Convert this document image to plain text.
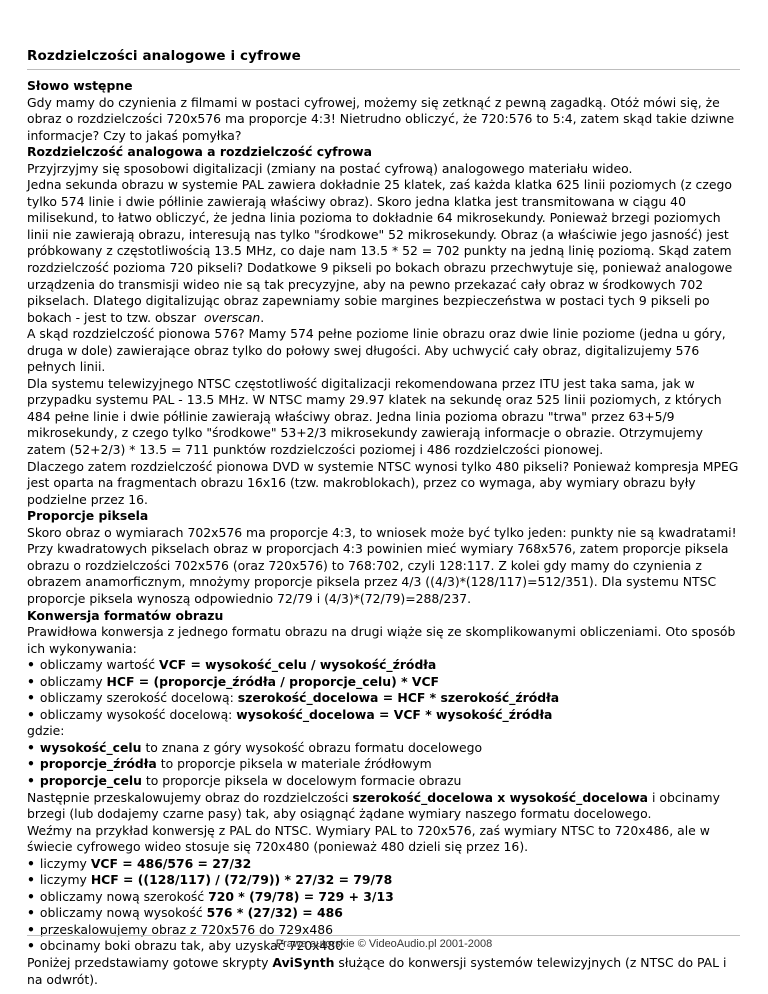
Rozdzielczości analogowe i cyfrowe
Słowo wstępne

Gdy mamy do czynienia z filmami w postaci cyfrowej, możemy się zetknąć z pewną zagadką. Otóż mówi się, że obraz o rozdzielczości 720x576 ma proporcje 4:3! Nietrudno obliczyć, że 720:576 to 5:4, zatem skąd takie dziwne informacje? Czy to jakaś pomyłka?

Rozdzielczość analogowa a rozdzielczość cyfrowa

Przyjrzyjmy się sposobowi digitalizacji (zmiany na postać cyfrową) analogowego materiału wideo.

Jedna sekunda obrazu w systemie PAL zawiera dokładnie 25 klatek, zaś każda klatka 625 linii poziomych (z czego tylko 574 linie i dwie półlinie zawierają właściwy obraz). Skoro jedna klatka jest transmitowana w ciągu 40 milisekund, to łatwo obliczyć, że jedna linia pozioma to dokładnie 64 mikrosekundy. Ponieważ brzegi poziomych linii nie zawierają obrazu, interesują nas tylko "środkowe" 52 mikrosekundy. Obraz (a właściwie jego jasność) jest próbkowany z częstotliwością 13.5 MHz, co daje nam 13.5 * 52 = 702 punkty na jedną linię poziomą. Skąd zatem rozdzielczość pozioma 720 pikseli? Dodatkowe 9 pikseli po bokach obrazu przechwytuje się, ponieważ analogowe urządzenia do transmisji wideo nie są tak precyzyjne, aby na pewno przekazać cały obraz w środkowych 702 pikselach. Dlatego digitalizując obraz zapewniamy sobie margines bezpieczeństwa w postaci tych 9 pikseli po bokach - jest to tzw. obszar overscan.

A skąd rozdzielczość pionowa 576? Mamy 574 pełne poziome linie obrazu oraz dwie linie poziome (jedna u góry, druga w dole) zawierające obraz tylko do połowy swej długości. Aby uchwycić cały obraz, digitalizujemy 576 pełnych linii.

Dla systemu telewizyjnego NTSC częstotliwość digitalizacji rekomendowana przez ITU jest taka sama, jak w przypadku systemu PAL - 13.5 MHz. W NTSC mamy 29.97 klatek na sekundę oraz 525 linii poziomych, z których 484 pełne linie i dwie półlinie zawierają właściwy obraz. Jedna linia pozioma obrazu "trwa" przez 63+5/9 mikrosekundy, z czego tylko "środkowe" 53+2/3 mikrosekundy zawierają informacje o obrazie. Otrzymujemy zatem (52+2/3) * 13.5 = 711 punktów rozdzielczości poziomej i 486 rozdzielczości pionowej.

Dlaczego zatem rozdzielczość pionowa DVD w systemie NTSC wynosi tylko 480 pikseli? Ponieważ kompresja MPEG jest oparta na fragmentach obrazu 16x16 (tzw. makroblokach), przez co wymaga, aby wymiary obrazu były podzielne przez 16.

Proporcje piksela

Skoro obraz o wymiarach 702x576 ma proporcje 4:3, to wniosek może być tylko jeden: punkty nie są kwadratami! Przy kwadratowych pikselach obraz w proporcjach 4:3 powinien mieć wymiary 768x576, zatem proporcje piksela obrazu o rozdzielczości 702x576 (oraz 720x576) to 768:702, czyli 128:117. Z kolei gdy mamy do czynienia z obrazem anamorficznym, mnożymy proporcje piksela przez 4/3 ((4/3)*(128/117)=512/351). Dla systemu NTSC proporcje piksela wynoszą odpowiednio 72/79 i (4/3)*(72/79)=288/237.

Konwersja formatów obrazu

Prawidłowa konwersja z jednego formatu obrazu na drugi wiąże się ze skomplikowanymi obliczeniami. Oto sposób ich wykonywania:

• obliczamy wartość VCF = wysokość_celu / wysokość_źródła

• obliczamy HCF = (proporcje_źródła / proporcje_celu) * VCF

• obliczamy szerokość docelową: szerokość_docelowa = HCF * szerokość_źródła

• obliczamy wysokość docelową: wysokość_docelowa = VCF * wysokość_źródła

gdzie:

• wysokość_celu to znana z góry wysokość obrazu formatu docelowego

• proporcje_źródła to proporcje piksela w materiale źródłowym

• proporcje_celu to proporcje piksela w docelowym formacie obrazu

Następnie przeskalowujemy obraz do rozdzielczości szerokość_docelowa x wysokość_docelowa i obcinamy brzegi (lub dodajemy czarne pasy) tak, aby osiągnąć żądane wymiary naszego formatu docelowego.

Weźmy na przykład konwersję z PAL do NTSC. Wymiary PAL to 720x576, zaś wymiary NTSC to 720x486, ale w świecie cyfrowego wideo stosuje się 720x480 (ponieważ 480 dzieli się przez 16).

• liczymy VCF = 486/576 = 27/32

• liczymy HCF = ((128/117) / (72/79)) * 27/32 = 79/78

• obliczamy nową szerokość 720 * (79/78) = 729 + 3/13

• obliczamy nową wysokość 576 * (27/32) = 486

• przeskalowujemy obraz z 720x576 do 729x486

• obcinamy boki obrazu tak, aby uzyskać 720x480

Poniżej przedstawiamy gotowe skrypty AviSynth służące do konwersji systemów telewizyjnych (z NTSC do PAL i na odwrót).

Prawa autorskie © VideoAudio.pl 2001-2008
